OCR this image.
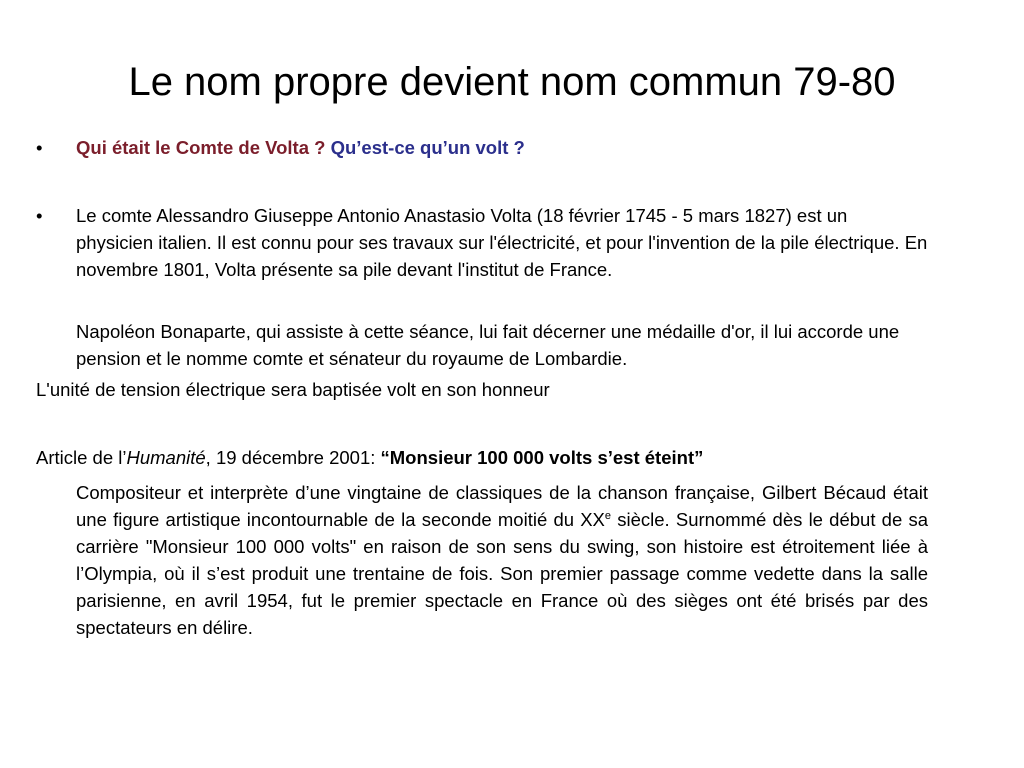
Le nom propre devient nom commun 79-80
• Qui était le Comte de Volta ? Qu’est-ce qu’un volt ?
• Le comte Alessandro Giuseppe Antonio Anastasio Volta (18 février 1745 - 5 mars 1827) est un physicien italien. Il est connu pour ses travaux sur l'électricité, et pour l'invention de la pile électrique. En novembre 1801, Volta présente sa pile devant l'institut de France.
Napoléon Bonaparte, qui assiste à cette séance, lui fait décerner une médaille d'or, il lui accorde une pension et le nomme comte et sénateur du royaume de Lombardie.
L'unité de tension électrique sera baptisée volt en son honneur
Article de l’Humanité, 19 décembre 2001: “Monsieur 100 000 volts s’est éteint”
Compositeur et interprète d’une vingtaine de classiques de la chanson française, Gilbert Bécaud était une figure artistique incontournable de la seconde moitié du XXe siècle. Surnommé dès le début de sa carrière "Monsieur 100 000 volts" en raison de son sens du swing, son histoire est étroitement liée à l’Olympia, où il s’est produit une trentaine de fois. Son premier passage comme vedette dans la salle parisienne, en avril 1954, fut le premier spectacle en France où des sièges ont été brisés par des spectateurs en délire.
